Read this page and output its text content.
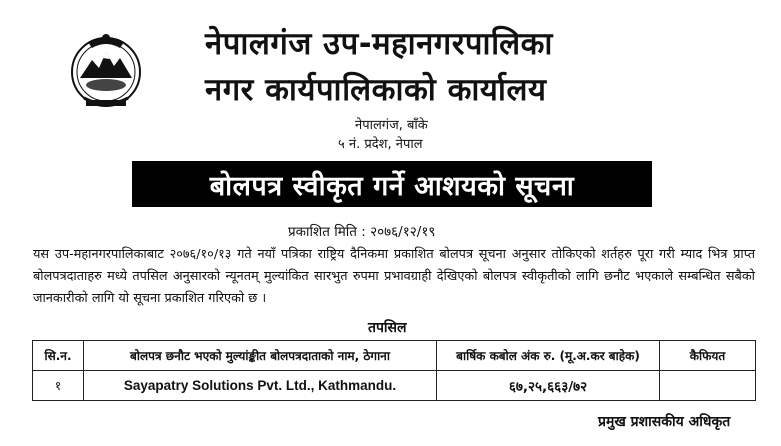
नेपालगंज उप-महानगरपालिका
नगर कार्यपालिकाको कार्यालय
नेपालगंज, बाँके
५ नं. प्रदेश, नेपाल
बोलपत्र स्वीकृत गर्ने आशयको सूचना
प्रकाशित मिति : २०७६/१२/१९
यस उप-महानगरपालिकाबाट २०७६/१०/१३ गते नयाँ पत्रिका राष्ट्रिय दैनिकमा प्रकाशित बोलपत्र सूचना अनुसार तोकिएको शर्तहरु पूरा गरी म्याद भित्र प्राप्त बोलपत्रदाताहरु मध्ये तपसिल अनुसारको न्यूनतम् मुल्यांकित सारभुत रुपमा प्रभावग्राही देखिएको बोलपत्र स्वीकृतीको लागि छनौट भएकाले सम्बन्धित सबैको जानकारीको लागि यो सूचना प्रकाशित गरिएको छ ।
तपसिल
सि.न.	बोलपत्र छनौट भएको मुल्यांङ्कीत बोलपत्रदाताको नाम, ठेगाना	बार्षिक कबोल अंक रु. (मू.अ.कर बाहेक)	कैफियत
१	Sayapatry Solutions Pvt. Ltd., Kathmandu.	६७,२५,६६३/७२	
प्रमुख प्रशासकीय अधिकृत
